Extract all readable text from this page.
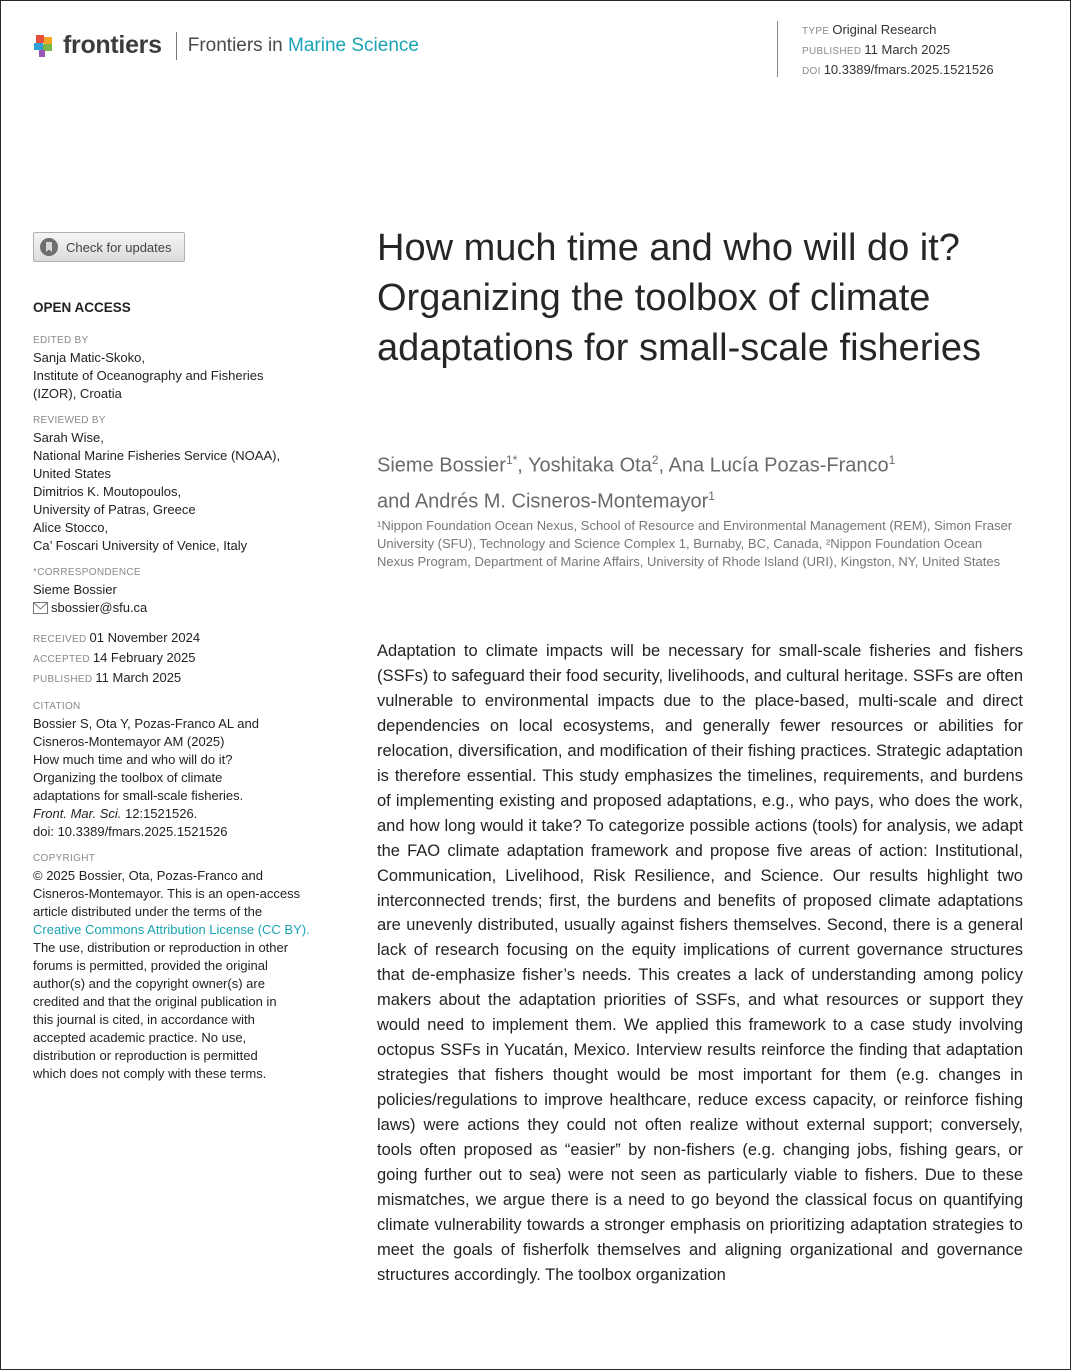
frontiers Frontiers in Marine Science
TYPE Original Research
PUBLISHED 11 March 2025
DOI 10.3389/fmars.2025.1521526
Check for updates
OPEN ACCESS
EDITED BY
Sanja Matic-Skoko,
Institute of Oceanography and Fisheries
(IZOR), Croatia
REVIEWED BY
Sarah Wise,
National Marine Fisheries Service (NOAA),
United States
Dimitrios K. Moutopoulos,
University of Patras, Greece
Alice Stocco,
Ca’ Foscari University of Venice, Italy
*CORRESPONDENCE
Sieme Bossier
sbossier@sfu.ca
RECEIVED 01 November 2024
ACCEPTED 14 February 2025
PUBLISHED 11 March 2025
CITATION
Bossier S, Ota Y, Pozas-Franco AL and
Cisneros-Montemayor AM (2025)
How much time and who will do it?
Organizing the toolbox of climate
adaptations for small-scale fisheries.
Front. Mar. Sci. 12:1521526.
doi: 10.3389/fmars.2025.1521526
COPYRIGHT
© 2025 Bossier, Ota, Pozas-Franco and
Cisneros-Montemayor. This is an open-access
article distributed under the terms of the
Creative Commons Attribution License (CC BY).
The use, distribution or reproduction in other
forums is permitted, provided the original
author(s) and the copyright owner(s) are
credited and that the original publication in
this journal is cited, in accordance with
accepted academic practice. No use,
distribution or reproduction is permitted
which does not comply with these terms.
How much time and who will do it? Organizing the toolbox of climate adaptations for small-scale fisheries
Sieme Bossier$^{1*}$, Yoshitaka Ota$^2$, Ana Lucía Pozas-Franco$^1$
and Andrés M. Cisneros-Montemayor$^1$
¹Nippon Foundation Ocean Nexus, School of Resource and Environmental Management (REM), Simon Fraser University (SFU), Technology and Science Complex 1, Burnaby, BC, Canada, ²Nippon Foundation Ocean Nexus Program, Department of Marine Affairs, University of Rhode Island (URI), Kingston, NY, United States

Adaptation to climate impacts will be necessary for small-scale fisheries and fishers (SSFs) to safeguard their food security, livelihoods, and cultural heritage. SSFs are often vulnerable to environmental impacts due to the place-based, multi-scale and direct dependencies on local ecosystems, and generally fewer resources or abilities for relocation, diversification, and modification of their fishing practices. Strategic adaptation is therefore essential. This study emphasizes the timelines, requirements, and burdens of implementing existing and proposed adaptations, e.g., who pays, who does the work, and how long would it take? To categorize possible actions (tools) for analysis, we adapt the FAO climate adaptation framework and propose five areas of action: Institutional, Communication, Livelihood, Risk Resilience, and Science. Our results highlight two interconnected trends; first, the burdens and benefits of proposed climate adaptations are unevenly distributed, usually against fishers themselves. Second, there is a general lack of research focusing on the equity implications of current governance structures that de-emphasize fisher’s needs. This creates a lack of understanding among policy makers about the adaptation priorities of SSFs, and what resources or support they would need to implement them. We applied this framework to a case study involving octopus SSFs in Yucatán, Mexico. Interview results reinforce the finding that adaptation strategies that fishers thought would be most important for them (e.g. changes in policies/regulations to improve healthcare, reduce excess capacity, or reinforce fishing laws) were actions they could not often realize without external support; conversely, tools often proposed as “easier” by non-fishers (e.g. changing jobs, fishing gears, or going further out to sea) were not seen as particularly viable to fishers. Due to these mismatches, we argue there is a need to go beyond the classical focus on quantifying climate vulnerability towards a stronger emphasis on prioritizing adaptation strategies to meet the goals of fisherfolk themselves and aligning organizational and governance structures accordingly. The toolbox organization
